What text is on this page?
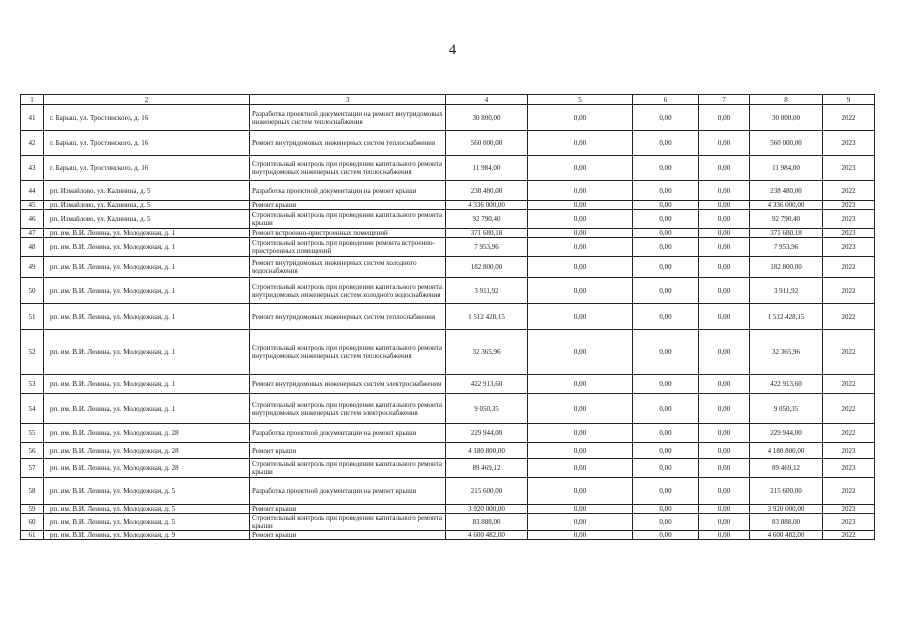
4
1	2	3	4	5	6	7	8	9
41	г. Барыш, ул. Тростинского, д. 16	Разработка проектной документации на ремонт внутридомовых инженерных систем теплоснабжения	30 800,00	0,00	0,00	0,00	30 800,00	2022
42	г. Барыш, ул. Тростинского, д. 16	Ремонт внутридомовых инженерных систем теплоснабжения	560 000,00	0,00	0,00	0,00	560 000,00	2023
43	г. Барыш, ул. Тростинского, д. 16	Строительный контроль при проведении капитального ремонта внутридомовых инженерных систем теплоснабжения	11 984,00	0,00	0,00	0,00	11 984,00	2023
44	рп. Измайлово, ул. Калинина, д. 5	Разработка проектной документации на ремонт крыши	238 480,00	0,00	0,00	0,00	238 480,00	2022
45	рп. Измайлово, ул. Калинина, д. 5	Ремонт крыши	4 336 000,00	0,00	0,00	0,00	4 336 000,00	2023
46	рп. Измайлово, ул. Калинина, д. 5	Строительный контроль при проведении капитального ремонта крыши	92 790,40	0,00	0,00	0,00	92 790,40	2023
47	рп. им. В.И. Ленина, ул. Молодежная, д. 1	Ремонт встроенно-пристроенных помещений	371 680,18	0,00	0,00	0,00	371 680,18	2023
48	рп. им. В.И. Ленина, ул. Молодежная, д. 1	Строительный контроль при проведении ремонта встроенно-пристроенных помещений	7 953,96	0,00	0,00	0,00	7 953,96	2023
49	рп. им. В.И. Ленина, ул. Молодежная, д. 1	Ремонт внутридомовых инженерных систем холодного водоснабжения	182 800,00	0,00	0,00	0,00	182 800,00	2022
50	рп. им. В.И. Ленина, ул. Молодежная, д. 1	Строительный контроль при проведении капитального ремонта внутридомовых инженерных систем холодного водоснабжения	3 911,92	0,00	0,00	0,00	3 911,92	2022
51	рп. им. В.И. Ленина, ул. Молодежная, д. 1	Ремонт внутридомовых инженерных систем теплоснабжения	1 512 428,15	0,00	0,00	0,00	1 512 428,15	2022
52	рп. им. В.И. Ленина, ул. Молодежная, д. 1	Строительный контроль при проведении капитального ремонта внутридомовых инженерных систем теплоснабжения	32 365,96	0,00	0,00	0,00	32 365,96	2022
53	рп. им. В.И. Ленина, ул. Молодежная, д. 1	Ремонт внутридомовых инженерных систем электроснабжения	422 913,60	0,00	0,00	0,00	422 913,60	2022
54	рп. им. В.И. Ленина, ул. Молодежная, д. 1	Строительный контроль при проведении капитального ремонта внутридомовых инженерных систем электроснабжения	9 050,35	0,00	0,00	0,00	9 050,35	2022
55	рп. им. В.И. Ленина, ул. Молодежная, д. 28	Разработка проектной документации на ремонт крыши	229 944,00	0,00	0,00	0,00	229 944,00	2022
56	рп. им. В.И. Ленина, ул. Молодежная, д. 28	Ремонт крыши	4 180 800,00	0,00	0,00	0,00	4 180 800,00	2023
57	рп. им. В.И. Ленина, ул. Молодежная, д. 28	Строительный контроль при проведении капитального ремонта крыши	89 469,12	0,00	0,00	0,00	89 469,12	2023
58	рп. им. В.И. Ленина, ул. Молодежная, д. 5	Разработка проектной документации на ремонт крыши	215 600,00	0,00	0,00	0,00	215 600,00	2022
59	рп. им. В.И. Ленина, ул. Молодежная, д. 5	Ремонт крыши	3 920 000,00	0,00	0,00	0,00	3 920 000,00	2023
60	рп. им. В.И. Ленина, ул. Молодежная, д. 5	Строительный контроль при проведении капитального ремонта крыши	83 888,00	0,00	0,00	0,00	83 888,00	2023
61	рп. им. В.И. Ленина, ул. Молодежная, д. 9	Ремонт крыши	4 600 482,00	0,00	0,00	0,00	4 600 482,00	2022
